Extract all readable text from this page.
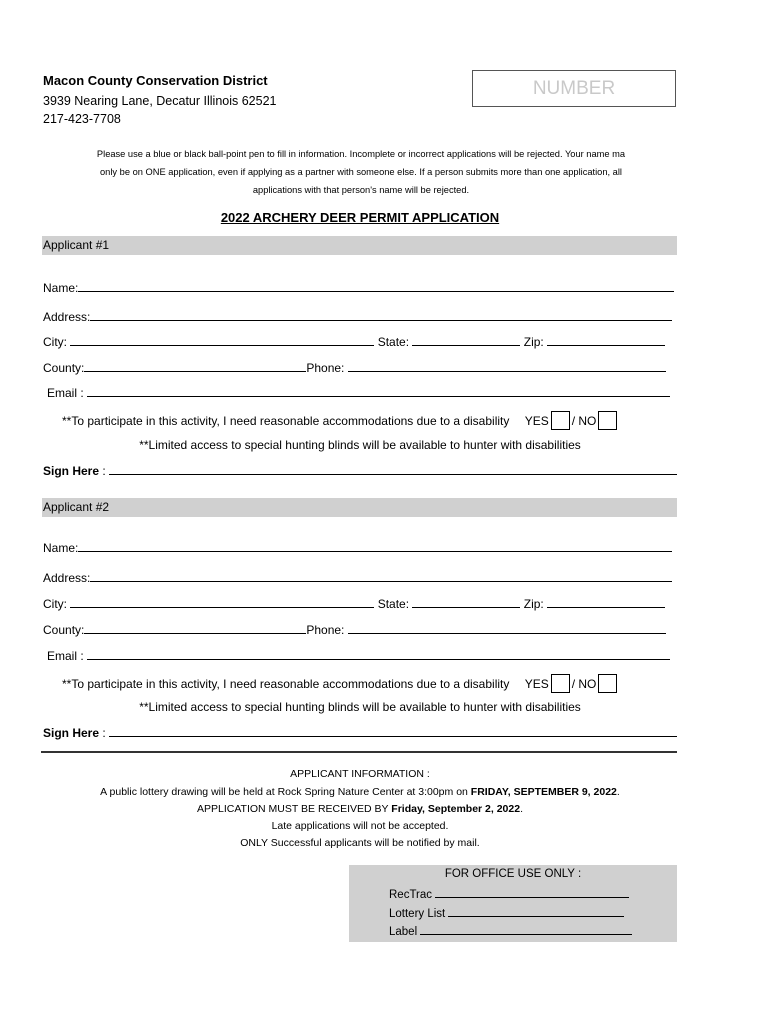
Macon County Conservation District
3939 Nearing Lane, Decatur Illinois 62521
217-423-7708
NUMBER
Please use a blue or black ball-point pen to fill in information. Incomplete or incorrect applications will be rejected. Your name ma
only be on ONE application, even if applying as a partner with someone else. If a person submits more than one application, all
applications with that person's name will be rejected.
2022 ARCHERY DEER PERMIT APPLICATION
Applicant #1
Name:
Address:
City:	State:	Zip:
County:	Phone:
Email :
**To participate in this activity, I need reasonable accommodations due to a disability YES / NO
**Limited access to special hunting blinds will be available to hunter with disabilities
Sign Here :
Applicant #2
Name:
Address:
City:	State:	Zip:
County:	Phone:
Email :
**To participate in this activity, I need reasonable accommodations due to a disability YES / NO
**Limited access to special hunting blinds will be available to hunter with disabilities
Sign Here :
APPLICANT INFORMATION :
A public lottery drawing will be held at Rock Spring Nature Center at 3:00pm on FRIDAY, SEPTEMBER 9, 2022.
APPLICATION MUST BE RECEIVED BY Friday, September 2, 2022.
Late applications will not be accepted.
ONLY Successful applicants will be notified by mail.
FOR OFFICE USE ONLY :
RecTrac
Lottery List
Label
